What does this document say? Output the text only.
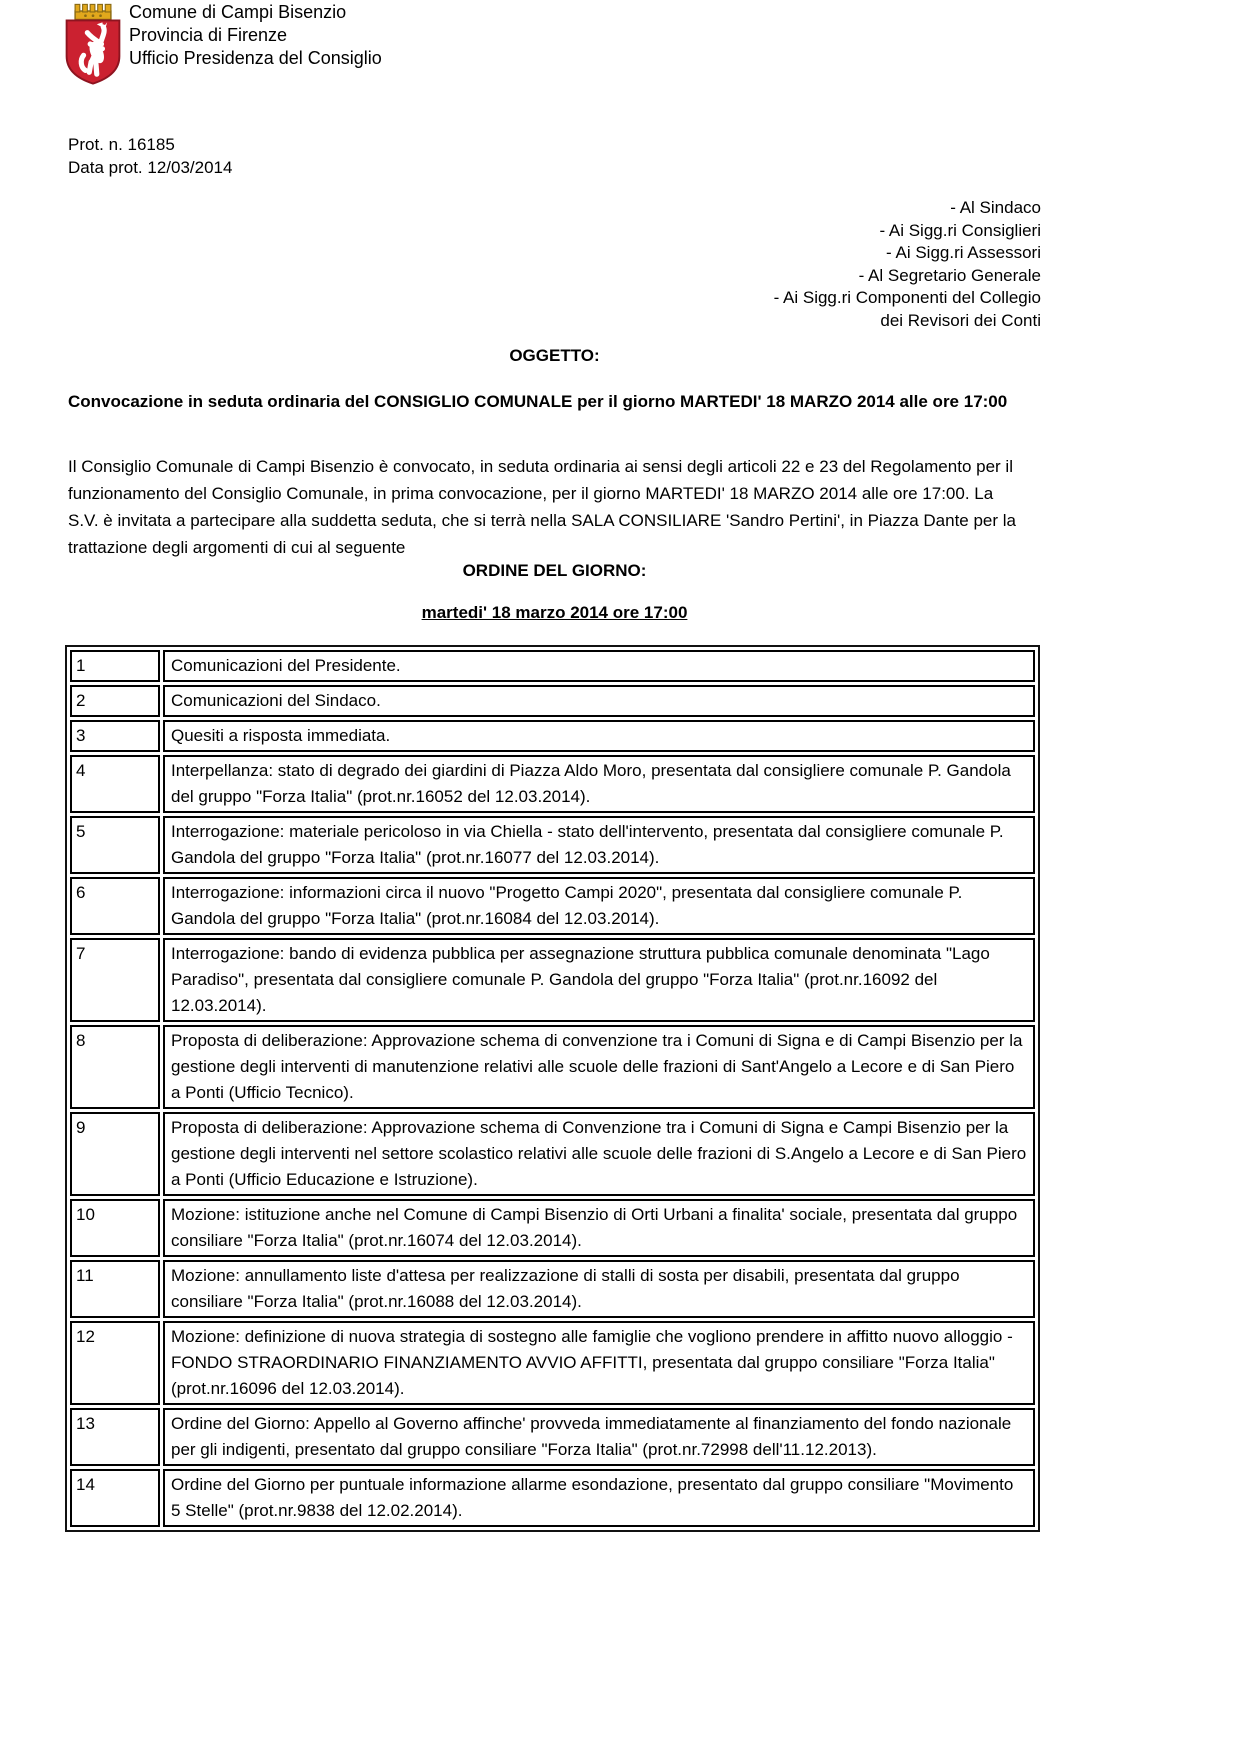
Comune di Campi Bisenzio
Provincia di Firenze
Ufficio Presidenza del Consiglio
Prot. n. 16185
Data prot. 12/03/2014
- Al Sindaco
- Ai Sigg.ri Consiglieri
- Ai Sigg.ri Assessori
- Al Segretario Generale
- Ai Sigg.ri Componenti del Collegio
dei Revisori dei Conti
OGGETTO:
Convocazione in seduta ordinaria del CONSIGLIO COMUNALE per il giorno MARTEDI' 18 MARZO 2014 alle ore 17:00
Il Consiglio Comunale di Campi Bisenzio è convocato, in seduta ordinaria ai sensi degli articoli 22 e 23 del Regolamento per il funzionamento del Consiglio Comunale, in prima convocazione, per il giorno MARTEDI' 18 MARZO 2014 alle ore 17:00. La S.V. è invitata a partecipare alla suddetta seduta, che si terrà nella SALA CONSILIARE 'Sandro Pertini', in Piazza Dante per la trattazione degli argomenti di cui al seguente
ORDINE DEL GIORNO:
martedi' 18 marzo 2014 ore 17:00
1	Comunicazioni del Presidente.
2	Comunicazioni del Sindaco.
3	Quesiti a risposta immediata.
4	Interpellanza: stato di degrado dei giardini di Piazza Aldo Moro, presentata dal consigliere comunale P. Gandola del gruppo "Forza Italia" (prot.nr.16052 del 12.03.2014).
5	Interrogazione: materiale pericoloso in via Chiella - stato dell'intervento, presentata dal consigliere comunale P. Gandola del gruppo "Forza Italia" (prot.nr.16077 del 12.03.2014).
6	Interrogazione: informazioni circa il nuovo "Progetto Campi 2020", presentata dal consigliere comunale P. Gandola del gruppo "Forza Italia" (prot.nr.16084 del 12.03.2014).
7	Interrogazione: bando di evidenza pubblica per assegnazione struttura pubblica comunale denominata "Lago Paradiso", presentata dal consigliere comunale P. Gandola del gruppo "Forza Italia" (prot.nr.16092 del 12.03.2014).
8	Proposta di deliberazione: Approvazione schema di convenzione tra i Comuni di Signa e di Campi Bisenzio per la gestione degli interventi di manutenzione relativi alle scuole delle frazioni di Sant'Angelo a Lecore e di San Piero a Ponti (Ufficio Tecnico).
9	Proposta di deliberazione: Approvazione schema di Convenzione tra i Comuni di Signa e Campi Bisenzio per la gestione degli interventi nel settore scolastico relativi alle scuole delle frazioni di S.Angelo a Lecore e di San Piero a Ponti (Ufficio Educazione e Istruzione).
10	Mozione: istituzione anche nel Comune di Campi Bisenzio di Orti Urbani a finalita' sociale, presentata dal gruppo consiliare "Forza Italia" (prot.nr.16074 del 12.03.2014).
11	Mozione: annullamento liste d'attesa per realizzazione di stalli di sosta per disabili, presentata dal gruppo consiliare "Forza Italia" (prot.nr.16088 del 12.03.2014).
12	Mozione: definizione di nuova strategia di sostegno alle famiglie che vogliono prendere in affitto nuovo alloggio - FONDO STRAORDINARIO FINANZIAMENTO AVVIO AFFITTI, presentata dal gruppo consiliare "Forza Italia" (prot.nr.16096 del 12.03.2014).
13	Ordine del Giorno: Appello al Governo affinche' provveda immediatamente al finanziamento del fondo nazionale per gli indigenti, presentato dal gruppo consiliare "Forza Italia" (prot.nr.72998 dell'11.12.2013).
14	Ordine del Giorno per puntuale informazione allarme esondazione, presentato dal gruppo consiliare "Movimento 5 Stelle" (prot.nr.9838 del 12.02.2014).
